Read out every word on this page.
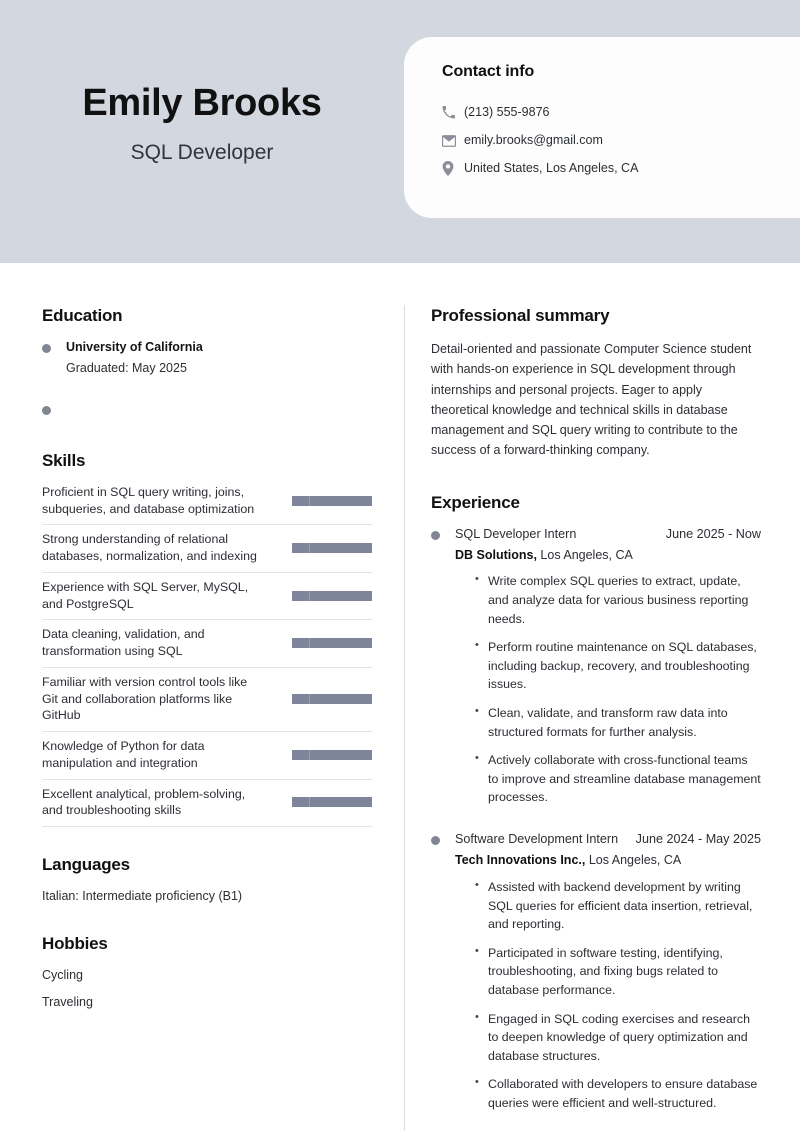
Emily Brooks
SQL Developer
Contact info
(213) 555-9876
emily.brooks@gmail.com
United States, Los Angeles, CA
Education
University of California
Graduated: May 2025
Skills
Proficient in SQL query writing, joins, subqueries, and database optimization
Strong understanding of relational databases, normalization, and indexing
Experience with SQL Server, MySQL, and PostgreSQL
Data cleaning, validation, and transformation using SQL
Familiar with version control tools like Git and collaboration platforms like GitHub
Knowledge of Python for data manipulation and integration
Excellent analytical, problem-solving, and troubleshooting skills
Languages
Italian: Intermediate proficiency (B1)
Hobbies
Cycling
Traveling
Professional summary
Detail-oriented and passionate Computer Science student with hands-on experience in SQL development through internships and personal projects. Eager to apply theoretical knowledge and technical skills in database management and SQL query writing to contribute to the success of a forward-thinking company.
Experience
SQL Developer Intern	June 2025 - Now
DB Solutions, Los Angeles, CA
• Write complex SQL queries to extract, update, and analyze data for various business reporting needs.
• Perform routine maintenance on SQL databases, including backup, recovery, and troubleshooting issues.
• Clean, validate, and transform raw data into structured formats for further analysis.
• Actively collaborate with cross-functional teams to improve and streamline database management processes.
Software Development Intern	June 2024 - May 2025
Tech Innovations Inc., Los Angeles, CA
• Assisted with backend development by writing SQL queries for efficient data insertion, retrieval, and reporting.
• Participated in software testing, identifying, troubleshooting, and fixing bugs related to database performance.
• Engaged in SQL coding exercises and research to deepen knowledge of query optimization and database structures.
• Collaborated with developers to ensure database queries were efficient and well-structured.
